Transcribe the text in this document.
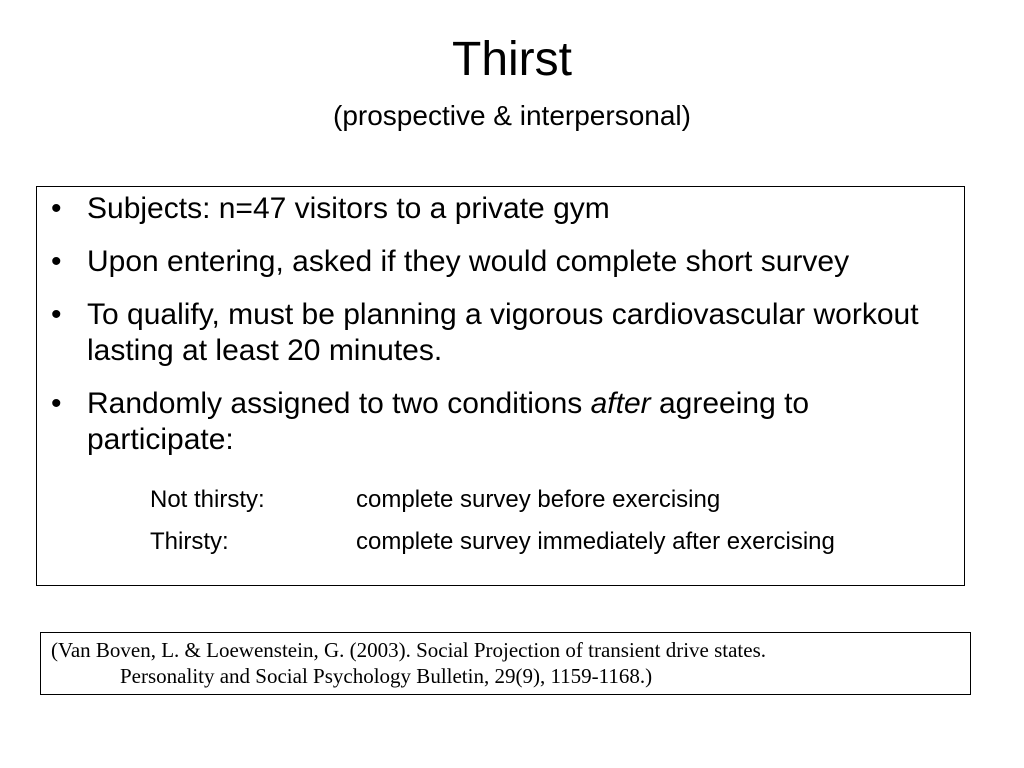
Thirst
(prospective & interpersonal)
• Subjects: n=47 visitors to a private gym
• Upon entering, asked if they would complete short survey
• To qualify, must be planning a vigorous cardiovascular workout lasting at least 20 minutes.
• Randomly assigned to two conditions after agreeing to participate:
Not thirsty:	complete survey before exercising
Thirsty:	complete survey immediately after exercising
(Van Boven, L. & Loewenstein, G. (2003). Social Projection of transient drive states.
Personality and Social Psychology Bulletin, 29(9), 1159-1168.)
